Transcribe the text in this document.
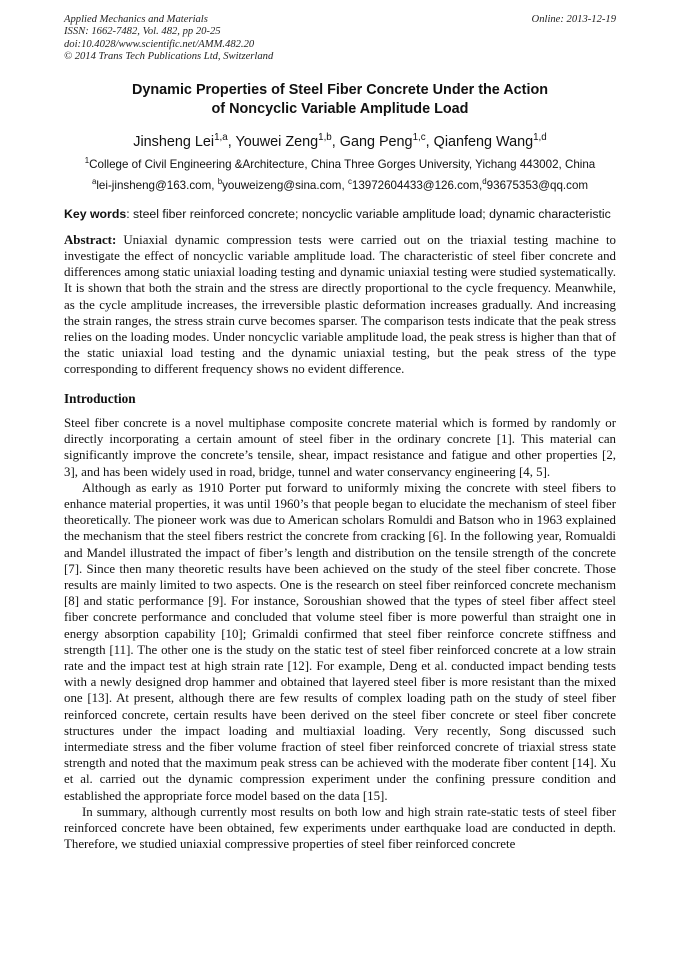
Applied Mechanics and Materials
ISSN: 1662-7482, Vol. 482, pp 20-25
doi:10.4028/www.scientific.net/AMM.482.20
© 2014 Trans Tech Publications Ltd, Switzerland
Online: 2013-12-19
Dynamic Properties of Steel Fiber Concrete Under the Action
of Noncyclic Variable Amplitude Load
Jinsheng Lei$^{1,a}$, Youwei Zeng$^{1,b}$, Gang Peng$^{1,c}$, Qianfeng Wang$^{1,d}$
$^1$College of Civil Engineering &Architecture, China Three Gorges University, Yichang 443002, China
$^a$lei-jinsheng@163.com, $^b$youweizeng@sina.com, $^c$13972604433@126.com,$^d$93675353@qq.com
Key words: steel fiber reinforced concrete; noncyclic variable amplitude load; dynamic characteristic
Abstract: Uniaxial dynamic compression tests were carried out on the triaxial testing machine to investigate the effect of noncyclic variable amplitude load. The characteristic of steel fiber concrete and differences among static uniaxial loading testing and dynamic uniaxial testing were studied systematically. It is shown that both the strain and the stress are directly proportional to the cycle frequency. Meanwhile, as the cycle amplitude increases, the irreversible plastic deformation increases gradually. And increasing the strain ranges, the stress strain curve becomes sparser. The comparison tests indicate that the peak stress relies on the loading modes. Under noncyclic variable amplitude load, the peak stress is higher than that of the static uniaxial load testing and the dynamic uniaxial testing, but the peak stress of the type corresponding to different frequency shows no evident difference.
Introduction

Steel fiber concrete is a novel multiphase composite concrete material which is formed by randomly or directly incorporating a certain amount of steel fiber in the ordinary concrete [1]. This material can significantly improve the concrete’s tensile, shear, impact resistance and fatigue and other properties [2, 3], and has been widely used in road, bridge, tunnel and water conservancy engineering [4, 5].

Although as early as 1910 Porter put forward to uniformly mixing the concrete with steel fibers to enhance material properties, it was until 1960’s that people began to elucidate the mechanism of steel fiber theoretically. The pioneer work was due to American scholars Romuldi and Batson who in 1963 explained the mechanism that the steel fibers restrict the concrete from cracking [6]. In the following year, Romualdi and Mandel illustrated the impact of fiber’s length and distribution on the tensile strength of the concrete [7]. Since then many theoretic results have been achieved on the study of the steel fiber concrete. Those results are mainly limited to two aspects. One is the research on steel fiber reinforced concrete mechanism [8] and static performance [9]. For instance, Soroushian showed that the types of steel fiber affect steel fiber concrete performance and concluded that volume steel fiber is more powerful than straight one in energy absorption capability [10]; Grimaldi confirmed that steel fiber reinforce concrete stiffness and strength [11]. The other one is the study on the static test of steel fiber reinforced concrete at a low strain rate and the impact test at high strain rate [12]. For example, Deng et al. conducted impact bending tests with a newly designed drop hammer and obtained that layered steel fiber is more resistant than the mixed one [13]. At present, although there are few results of complex loading path on the study of steel fiber reinforced concrete, certain results have been derived on the steel fiber concrete or steel fiber concrete structures under the impact loading and multiaxial loading. Very recently, Song discussed such intermediate stress and the fiber volume fraction of steel fiber reinforced concrete of triaxial stress state strength and noted that the maximum peak stress can be achieved with the moderate fiber content [14]. Xu et al. carried out the dynamic compression experiment under the confining pressure condition and established the appropriate force model based on the data [15].

In summary, although currently most results on both low and high strain rate-static tests of steel fiber reinforced concrete have been obtained, few experiments under earthquake load are conducted in depth. Therefore, we studied uniaxial compressive properties of steel fiber reinforced concrete
